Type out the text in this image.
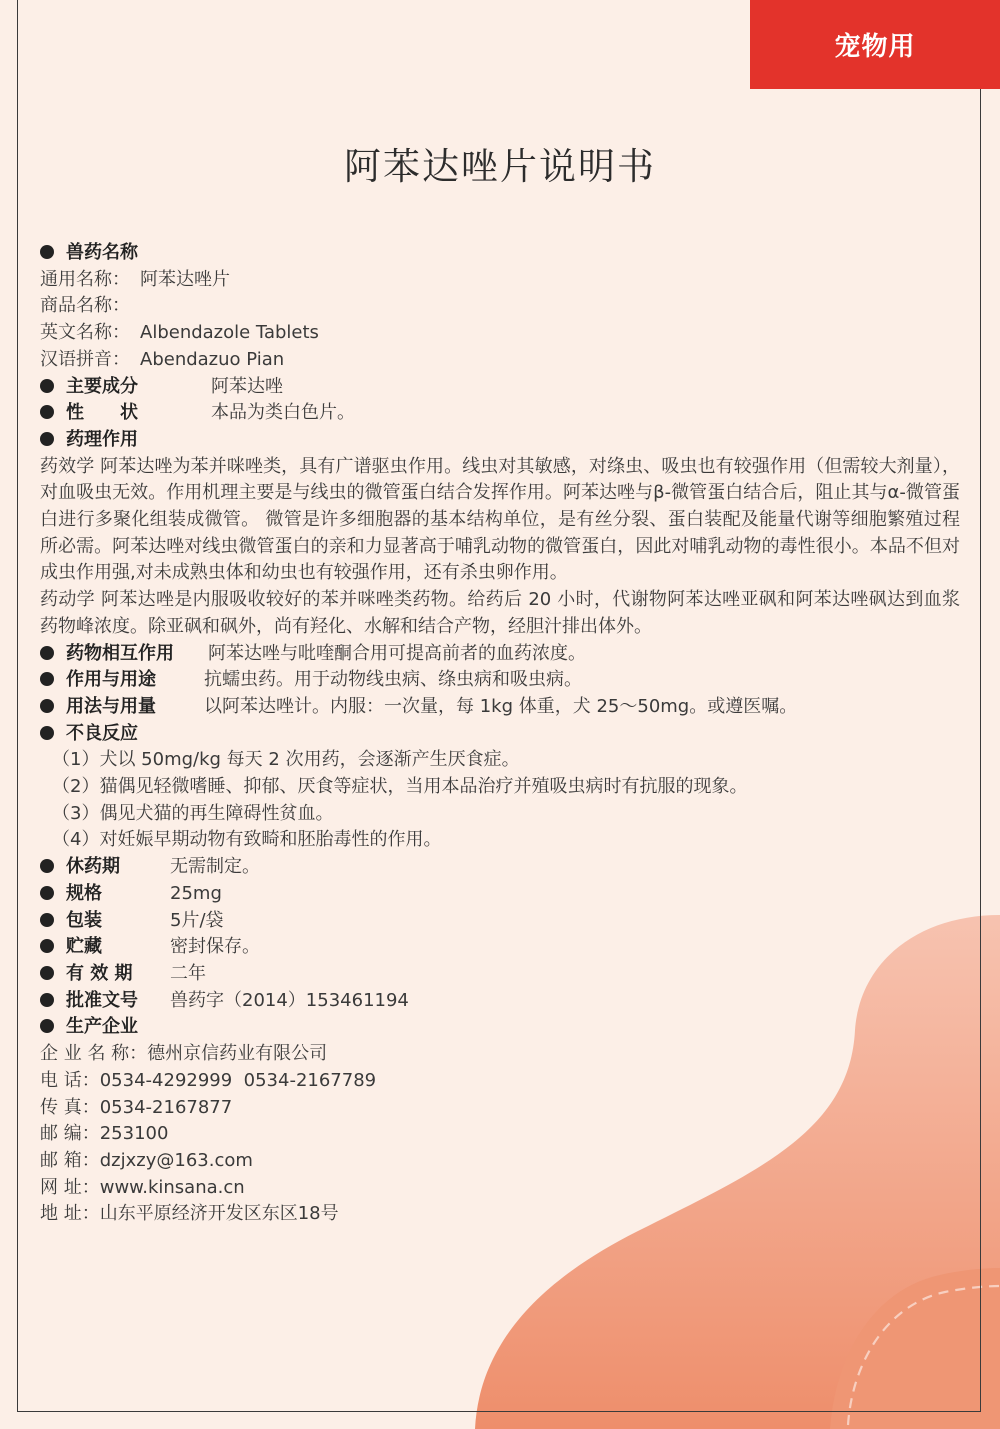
宠物用
阿苯达唑片说明书
兽药名称
通用名称： 阿苯达唑片
商品名称：
英文名称： Albendazole Tablets
汉语拼音： Abendazuo Pian
主要成分	阿苯达唑
性　　状	本品为类白色片。
药理作用
药效学 阿苯达唑为苯并咪唑类，具有广谱驱虫作用。线虫对其敏感，对绦虫、吸虫也有较强作用（但需较大剂量），对血吸虫无效。作用机理主要是与线虫的微管蛋白结合发挥作用。阿苯达唑与β-微管蛋白结合后，阻止其与α-微管蛋白进行多聚化组装成微管。 微管是许多细胞器的基本结构单位，是有丝分裂、蛋白装配及能量代谢等细胞繁殖过程所必需。阿苯达唑对线虫微管蛋白的亲和力显著高于哺乳动物的微管蛋白，因此对哺乳动物的毒性很小。本品不但对成虫作用强,对未成熟虫体和幼虫也有较强作用，还有杀虫卵作用。
药动学 阿苯达唑是内服吸收较好的苯并咪唑类药物。给药后 20 小时，代谢物阿苯达唑亚砜和阿苯达唑砜达到血浆药物峰浓度。除亚砜和砜外，尚有羟化、水解和结合产物，经胆汁排出体外。
药物相互作用 阿苯达唑与吡喹酮合用可提高前者的血药浓度。
作用与用途	抗蠕虫药。用于动物线虫病、绦虫病和吸虫病。
用法与用量	以阿苯达唑计。内服：一次量，每 1kg 体重，犬 25～50mg。或遵医嘱。
不良反应
（1）犬以 50mg/kg 每天 2 次用药，会逐渐产生厌食症。
（2）猫偶见轻微嗜睡、抑郁、厌食等症状，当用本品治疗并殖吸虫病时有抗服的现象。
（3）偶见犬猫的再生障碍性贫血。
（4）对妊娠早期动物有致畸和胚胎毒性的作用。
休药期	无需制定。
规格	25mg
包装	5片/袋
贮藏	密封保存。
有 效 期 二年
批准文号 兽药字（2014）153461194
生产企业
企 业 名 称：德州京信药业有限公司
电 话：0534-4292999  0534-2167789
传 真：0534-2167877
邮 编：253100
邮 箱：dzjxzy@163.com
网 址：www.kinsana.cn
地 址：山东平原经济开发区东区18号
